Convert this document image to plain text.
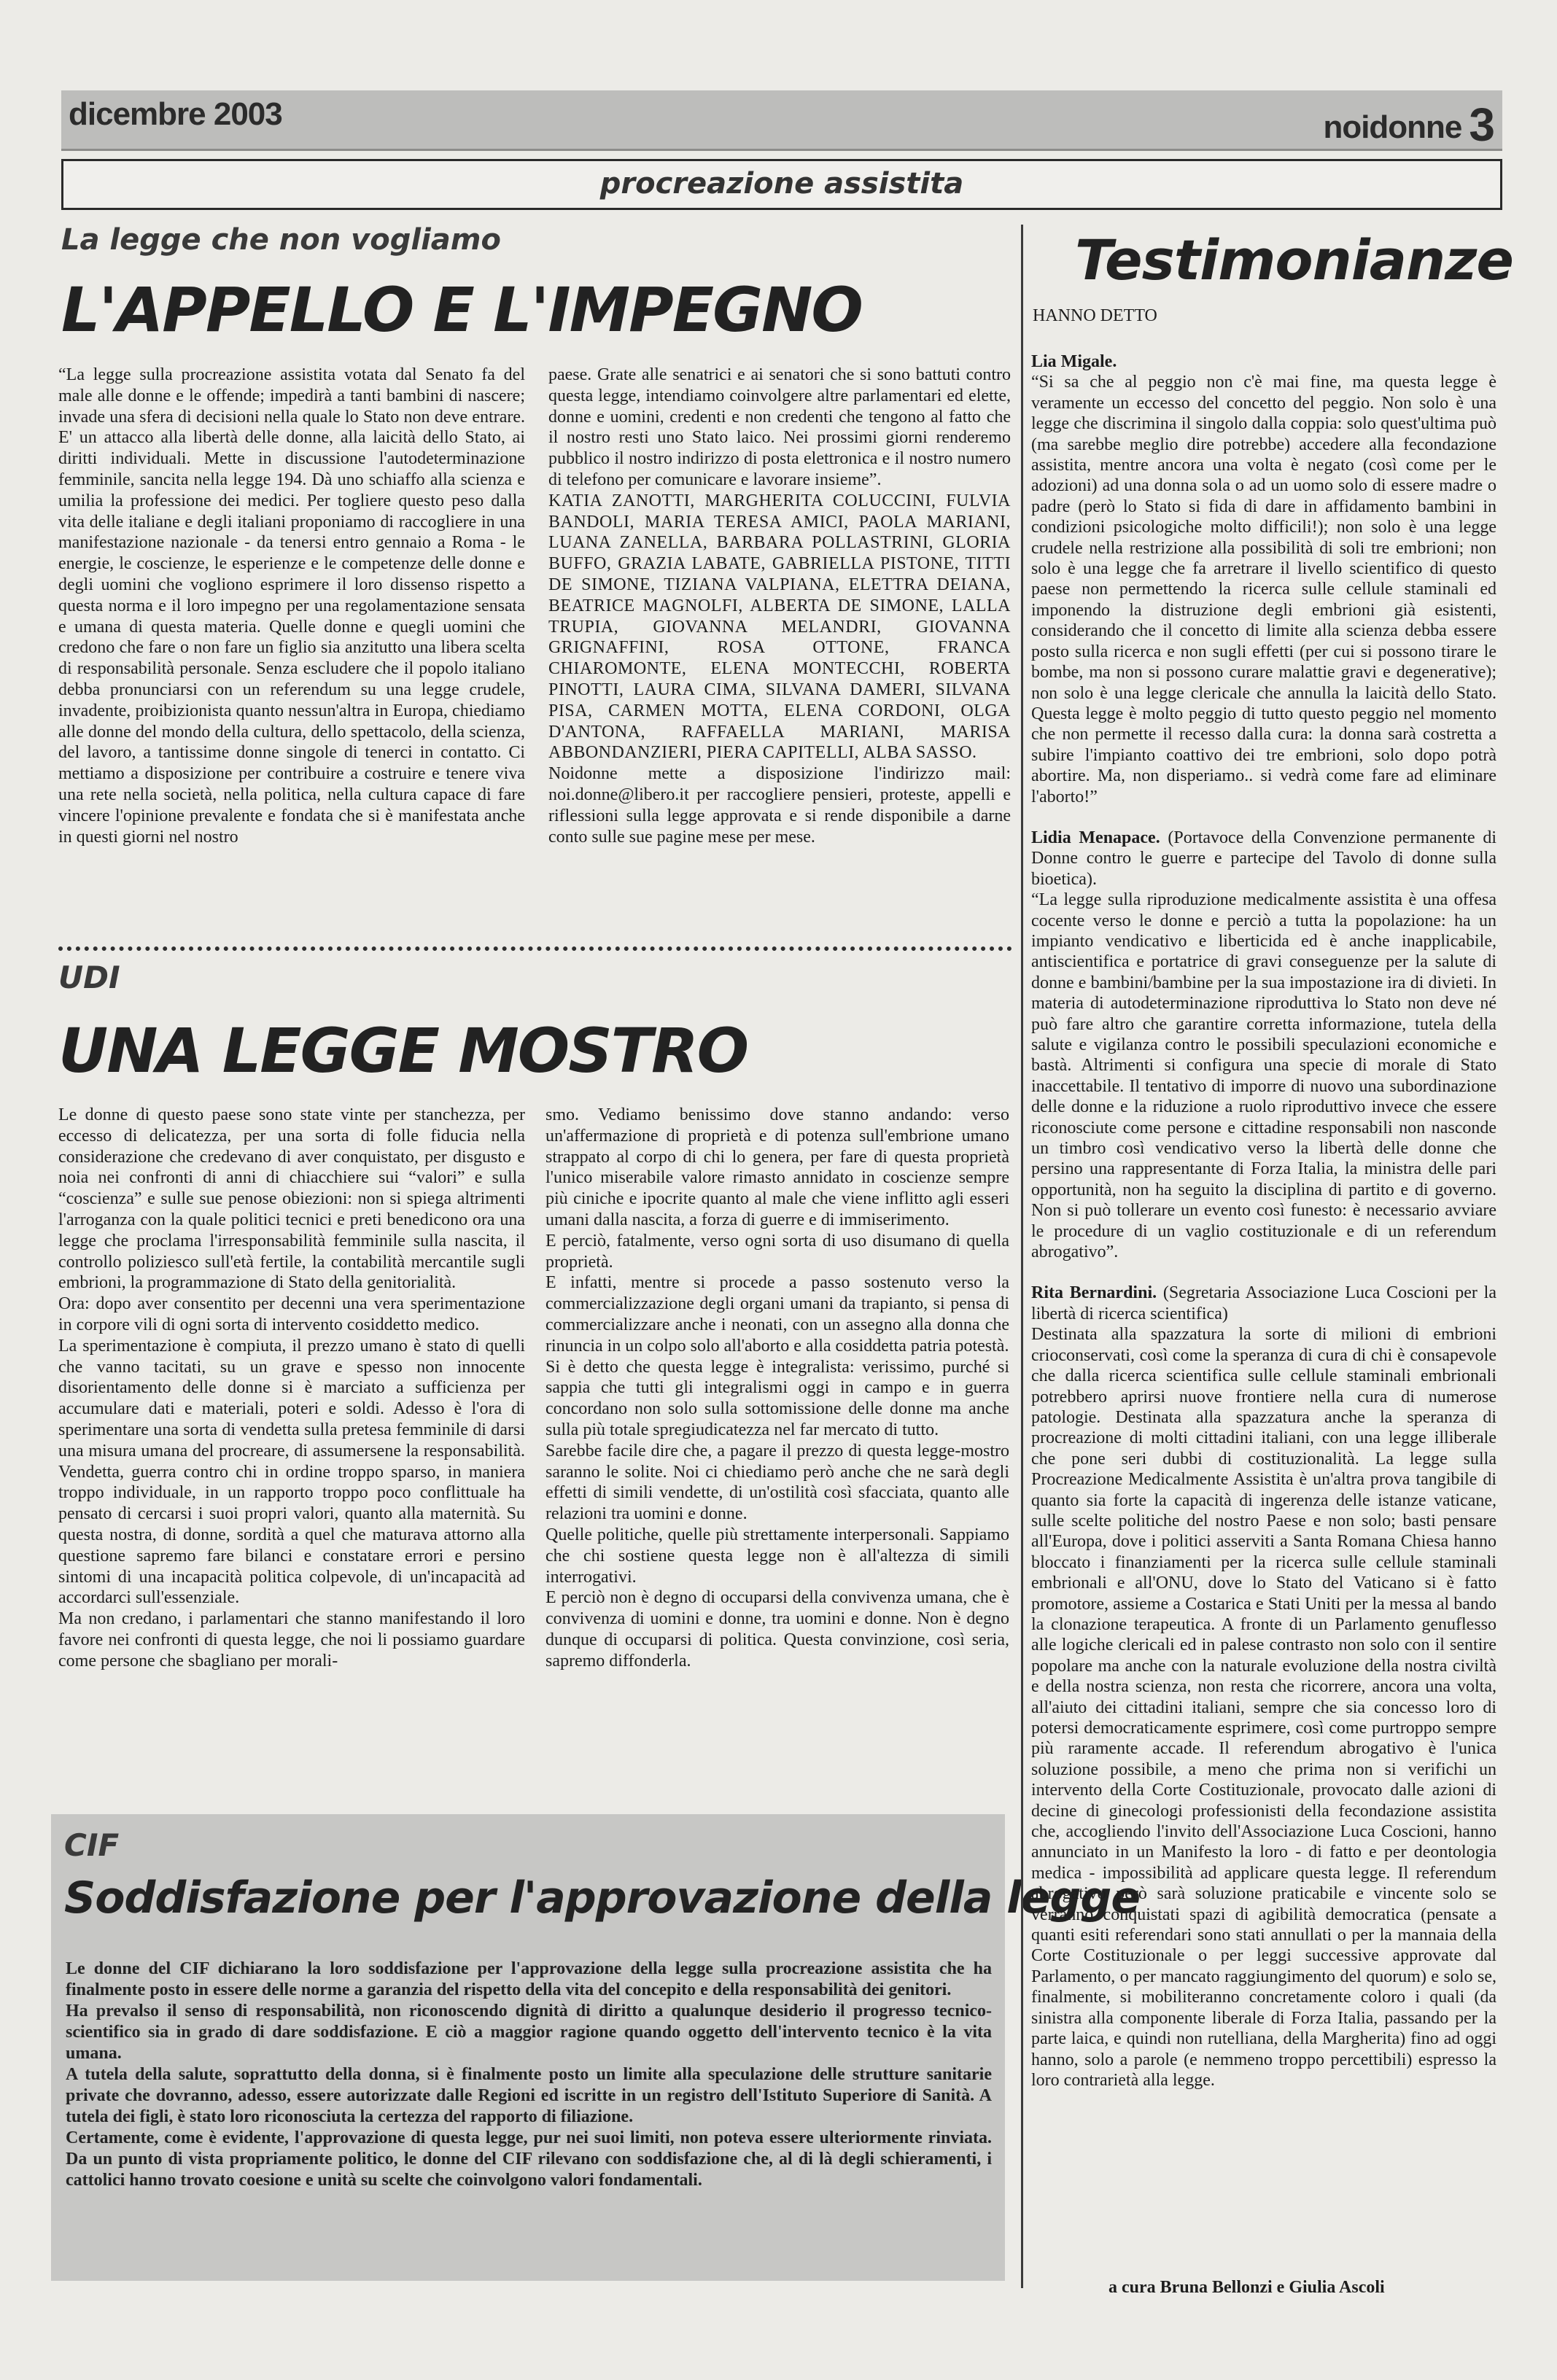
dicembre 2003	noidonne 3
procreazione assistita
La legge che non vogliamo
L'APPELLO E L'IMPEGNO

“La legge sulla procreazione assistita votata dal Senato fa del male alle donne e le offende; impedirà a tanti bambini di nascere; invade una sfera di decisioni nella quale lo Stato non deve entrare. E' un attacco alla libertà delle donne, alla laicità dello Stato, ai diritti individuali. Mette in discussione l'autodeterminazione femminile, sancita nella legge 194. Dà uno schiaffo alla scienza e umilia la professione dei medici. Per togliere questo peso dalla vita delle italiane e degli italiani proponiamo di raccogliere in una manifestazione nazionale - da tenersi entro gennaio a Roma - le energie, le coscienze, le esperienze e le competenze delle donne e degli uomini che vogliono esprimere il loro dissenso rispetto a questa norma e il loro impegno per una regolamentazione sensata e umana di questa materia. Quelle donne e quegli uomini che credono che fare o non fare un figlio sia anzitutto una libera scelta di responsabilità personale. Senza escludere che il popolo italiano debba pronunciarsi con un referendum su una legge crudele, invadente, proibizionista quanto nessun'altra in Europa, chiediamo alle donne del mondo della cultura, dello spettacolo, della scienza, del lavoro, a tantissime donne singole di tenerci in contatto. Ci mettiamo a disposizione per contribuire a costruire e tenere viva una rete nella società, nella politica, nella cultura capace di fare vincere l'opinione prevalente e fondata che si è manifestata anche in questi giorni nel nostro

paese. Grate alle senatrici e ai senatori che si sono battuti contro questa legge, intendiamo coinvolgere altre parlamentari ed elette, donne e uomini, credenti e non credenti che tengono al fatto che il nostro resti uno Stato laico. Nei prossimi giorni renderemo pubblico il nostro indirizzo di posta elettronica e il nostro numero di telefono per comunicare e lavorare insieme”.

KATIA ZANOTTI, MARGHERITA COLUCCINI, FULVIA BANDOLI, MARIA TERESA AMICI, PAOLA MARIANI, LUANA ZANELLA, BARBARA POLLASTRINI, GLORIA BUFFO, GRAZIA LABATE, GABRIELLA PISTONE, TITTI DE SIMONE, TIZIANA VALPIANA, ELETTRA DEIANA, BEATRICE MAGNOLFI, ALBERTA DE SIMONE, LALLA TRUPIA, GIOVANNA MELANDRI, GIOVANNA GRIGNAFFINI, ROSA OTTONE, FRANCA CHIAROMONTE, ELENA MONTECCHI, ROBERTA PINOTTI, LAURA CIMA, SILVANA DAMERI, SILVANA PISA, CARMEN MOTTA, ELENA CORDONI, OLGA D'ANTONA, RAFFAELLA MARIANI, MARISA ABBONDANZIERI, PIERA CAPITELLI, ALBA SASSO.

Noidonne mette a disposizione l'indirizzo mail: noi.donne@libero.it per raccogliere pensieri, proteste, appelli e riflessioni sulla legge approvata e si rende disponibile a darne conto sulle sue pagine mese per mese.

UDI
UNA LEGGE MOSTRO

Le donne di questo paese sono state vinte per stanchezza, per eccesso di delicatezza, per una sorta di folle fiducia nella considerazione che credevano di aver conquistato, per disgusto e noia nei confronti di anni di chiacchiere sui “valori” e sulla “coscienza” e sulle sue penose obiezioni: non si spiega altrimenti l'arroganza con la quale politici tecnici e preti benedicono ora una legge che proclama l'irresponsabilità femminile sulla nascita, il controllo poliziesco sull'età fertile, la contabilità mercantile sugli embrioni, la programmazione di Stato della genitorialità.

Ora: dopo aver consentito per decenni una vera sperimentazione in corpore vili di ogni sorta di intervento cosiddetto medico.

La sperimentazione è compiuta, il prezzo umano è stato di quelli che vanno tacitati, su un grave e spesso non innocente disorientamento delle donne si è marciato a sufficienza per accumulare dati e materiali, poteri e soldi. Adesso è l'ora di sperimentare una sorta di vendetta sulla pretesa femminile di darsi una misura umana del procreare, di assumersene la responsabilità. Vendetta, guerra contro chi in ordine troppo sparso, in maniera troppo individuale, in un rapporto troppo poco conflittuale ha pensato di cercarsi i suoi propri valori, quanto alla maternità. Su questa nostra, di donne, sordità a quel che maturava attorno alla questione sapremo fare bilanci e constatare errori e persino sintomi di una incapacità politica colpevole, di un'incapacità ad accordarci sull'essenziale.

Ma non credano, i parlamentari che stanno manifestando il loro favore nei confronti di questa legge, che noi li possiamo guardare come persone che sbagliano per morali-

smo. Vediamo benissimo dove stanno andando: verso un'affermazione di proprietà e di potenza sull'embrione umano strappato al corpo di chi lo genera, per fare di questa proprietà l'unico miserabile valore rimasto annidato in coscienze sempre più ciniche e ipocrite quanto al male che viene inflitto agli esseri umani dalla nascita, a forza di guerre e di immiserimento.

E perciò, fatalmente, verso ogni sorta di uso disumano di quella proprietà.

E infatti, mentre si procede a passo sostenuto verso la commercializzazione degli organi umani da trapianto, si pensa di commercializzare anche i neonati, con un assegno alla donna che rinuncia in un colpo solo all'aborto e alla cosiddetta patria potestà.

Si è detto che questa legge è integralista: verissimo, purché si sappia che tutti gli integralismi oggi in campo e in guerra concordano non solo sulla sottomissione delle donne ma anche sulla più totale spregiudicatezza nel far mercato di tutto.

Sarebbe facile dire che, a pagare il prezzo di questa legge-mostro saranno le solite. Noi ci chiediamo però anche che ne sarà degli effetti di simili vendette, di un'ostilità così sfacciata, quanto alle relazioni tra uomini e donne.

Quelle politiche, quelle più strettamente interpersonali. Sappiamo che chi sostiene questa legge non è all'altezza di simili interrogativi.

E perciò non è degno di occuparsi della convivenza umana, che è convivenza di uomini e donne, tra uomini e donne. Non è degno dunque di occuparsi di politica. Questa convinzione, così seria, sapremo diffonderla.

CIF
Soddisfazione per l'approvazione della legge

Le donne del CIF dichiarano la loro soddisfazione per l'approvazione della legge sulla procreazione assistita che ha finalmente posto in essere delle norme a garanzia del rispetto della vita del concepito e della responsabilità dei genitori.

Ha prevalso il senso di responsabilità, non riconoscendo dignità di diritto a qualunque desiderio il progresso tecnico-scientifico sia in grado di dare soddisfazione. E ciò a maggior ragione quando oggetto dell'intervento tecnico è la vita umana.

A tutela della salute, soprattutto della donna, si è finalmente posto un limite alla speculazione delle strutture sanitarie private che dovranno, adesso, essere autorizzate dalle Regioni ed iscritte in un registro dell'Istituto Superiore di Sanità. A tutela dei figli, è stato loro riconosciuta la certezza del rapporto di filiazione.

Certamente, come è evidente, l'approvazione di questa legge, pur nei suoi limiti, non poteva essere ulteriormente rinviata. Da un punto di vista propriamente politico, le donne del CIF rilevano con soddisfazione che, al di là degli schieramenti, i cattolici hanno trovato coesione e unità su scelte che coinvolgono valori fondamentali.

Testimonianze
HANNO DETTO

Lia Migale.

“Si sa che al peggio non c'è mai fine, ma questa legge è veramente un eccesso del concetto del peggio. Non solo è una legge che discrimina il singolo dalla coppia: solo quest'ultima può (ma sarebbe meglio dire potrebbe) accedere alla fecondazione assistita, mentre ancora una volta è negato (così come per le adozioni) ad una donna sola o ad un uomo solo di essere madre o padre (però lo Stato si fida di dare in affidamento bambini in condizioni psicologiche molto difficili!); non solo è una legge crudele nella restrizione alla possibilità di soli tre embrioni; non solo è una legge che fa arretrare il livello scientifico di questo paese non permettendo la ricerca sulle cellule staminali ed imponendo la distruzione degli embrioni già esistenti, considerando che il concetto di limite alla scienza debba essere posto sulla ricerca e non sugli effetti (per cui si possono tirare le bombe, ma non si possono curare malattie gravi e degenerative); non solo è una legge clericale che annulla la laicità dello Stato. Questa legge è molto peggio di tutto questo peggio nel momento che non permette il recesso dalla cura: la donna sarà costretta a subire l'impianto coattivo dei tre embrioni, solo dopo potrà abortire. Ma, non disperiamo.. si vedrà come fare ad eliminare l'aborto!”

Lidia Menapace. (Portavoce della Convenzione permanente di Donne contro le guerre e partecipe del Tavolo di donne sulla bioetica).

“La legge sulla riproduzione medicalmente assistita è una offesa cocente verso le donne e perciò a tutta la popolazione: ha un impianto vendicativo e liberticida ed è anche inapplicabile, antiscientifica e portatrice di gravi conseguenze per la salute di donne e bambini/bambine per la sua impostazione ira di divieti. In materia di autodeterminazione riproduttiva lo Stato non deve né può fare altro che garantire corretta informazione, tutela della salute e vigilanza contro le possibili speculazioni economiche e bastà. Altrimenti si configura una specie di morale di Stato inaccettabile. Il tentativo di imporre di nuovo una subordinazione delle donne e la riduzione a ruolo riproduttivo invece che essere riconosciute come persone e cittadine responsabili non nasconde un timbro così vendicativo verso la libertà delle donne che persino una rappresentante di Forza Italia, la ministra delle pari opportunità, non ha seguito la disciplina di partito e di governo. Non si può tollerare un evento così funesto: è necessario avviare le procedure di un vaglio costituzionale e di un referendum abrogativo”.

Rita Bernardini. (Segretaria Associazione Luca Coscioni per la libertà di ricerca scientifica)

Destinata alla spazzatura la sorte di milioni di embrioni crioconservati, così come la speranza di cura di chi è consapevole che dalla ricerca scientifica sulle cellule staminali embrionali potrebbero aprirsi nuove frontiere nella cura di numerose patologie. Destinata alla spazzatura anche la speranza di procreazione di molti cittadini italiani, con una legge illiberale che pone seri dubbi di costituzionalità. La legge sulla Procreazione Medicalmente Assistita è un'altra prova tangibile di quanto sia forte la capacità di ingerenza delle istanze vaticane, sulle scelte politiche del nostro Paese e non solo; basti pensare all'Europa, dove i politici asserviti a Santa Romana Chiesa hanno bloccato i finanziamenti per la ricerca sulle cellule staminali embrionali e all'ONU, dove lo Stato del Vaticano si è fatto promotore, assieme a Costarica e Stati Uniti per la messa al bando la clonazione terapeutica. A fronte di un Parlamento genuflesso alle logiche clericali ed in palese contrasto non solo con il sentire popolare ma anche con la naturale evoluzione della nostra civiltà e della nostra scienza, non resta che ricorrere, ancora una volta, all'aiuto dei cittadini italiani, sempre che sia concesso loro di potersi democraticamente esprimere, così come purtroppo sempre più raramente accade. Il referendum abrogativo è l'unica soluzione possibile, a meno che prima non si verifichi un intervento della Corte Costituzionale, provocato dalle azioni di decine di ginecologi professionisti della fecondazione assistita che, accogliendo l'invito dell'Associazione Luca Coscioni, hanno annunciato in un Manifesto la loro - di fatto e per deontologia medica - impossibilità ad applicare questa legge. Il referendum abrogativo però sarà soluzione praticabile e vincente solo se verranno conquistati spazi di agibilità democratica (pensate a quanti esiti referendari sono stati annullati o per la mannaia della Corte Costituzionale o per leggi successive approvate dal Parlamento, o per mancato raggiungimento del quorum) e solo se, finalmente, si mobiliteranno concretamente coloro i quali (da sinistra alla componente liberale di Forza Italia, passando per la parte laica, e quindi non rutelliana, della Margherita) fino ad oggi hanno, solo a parole (e nemmeno troppo percettibili) espresso la loro contrarietà alla legge.

a cura Bruna Bellonzi e Giulia Ascoli
